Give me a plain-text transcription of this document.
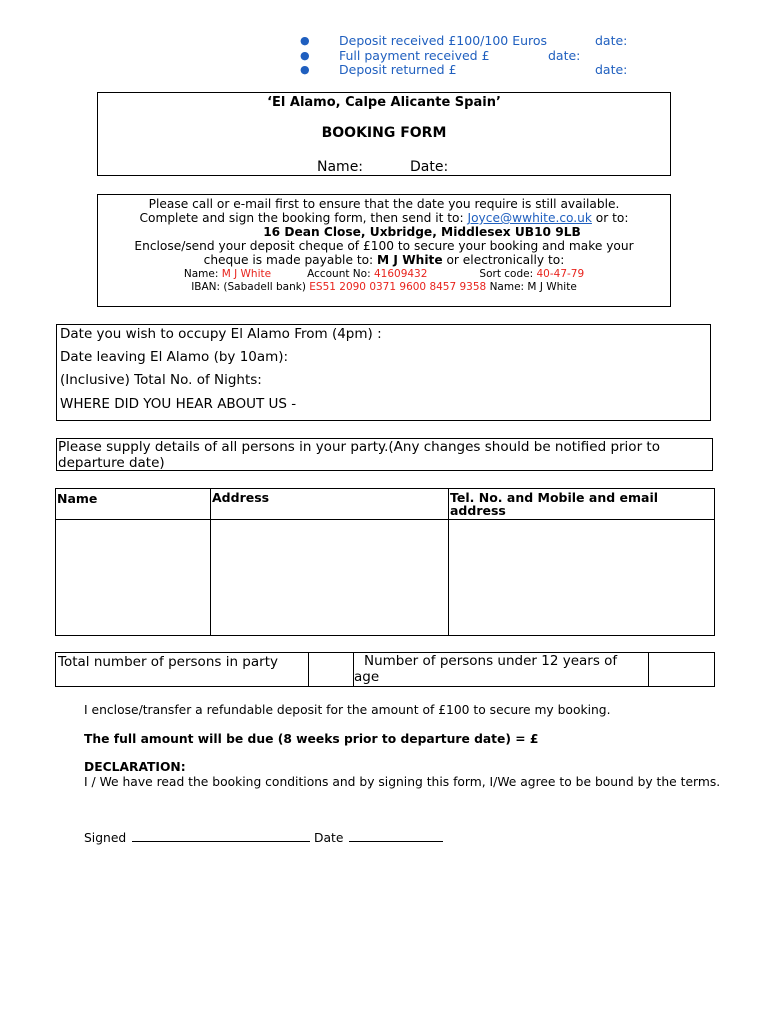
● Deposit received £100/100 Euros	date:
● Full payment received £	date:
● Deposit returned £	date:
‘El Alamo, Calpe Alicante Spain’
BOOKING FORM
Name:	Date:
Please call or e-mail first to ensure that the date you require is still available.
Complete and sign the booking form, then send it to: Joyce@wwhite.co.uk or to:
16 Dean Close, Uxbridge, Middlesex UB10 9LB
Enclose/send your deposit cheque of £100 to secure your booking and make your
cheque is made payable to: M J White or electronically to:
Name: M J White	Account No: 41609432	Sort code: 40-47-79
IBAN: (Sabadell bank) ES51 2090 0371 9600 8457 9358 Name: M J White
Date you wish to occupy El Alamo From (4pm) :
Date leaving El Alamo (by 10am):
(Inclusive) Total No. of Nights:
WHERE DID YOU HEAR ABOUT US -
Please supply details of all persons in your party.(Any changes should be notified prior to departure date)
Name	Address	Tel. No. and Mobile and email address
Total number of persons in party	Number of persons under 12 years of age
I enclose/transfer a refundable deposit for the amount of £100 to secure my booking.
The full amount will be due (8 weeks prior to departure date) = £
DECLARATION:
I / We have read the booking conditions and by signing this form, I/We agree to be bound by the terms.
Signed	Date
